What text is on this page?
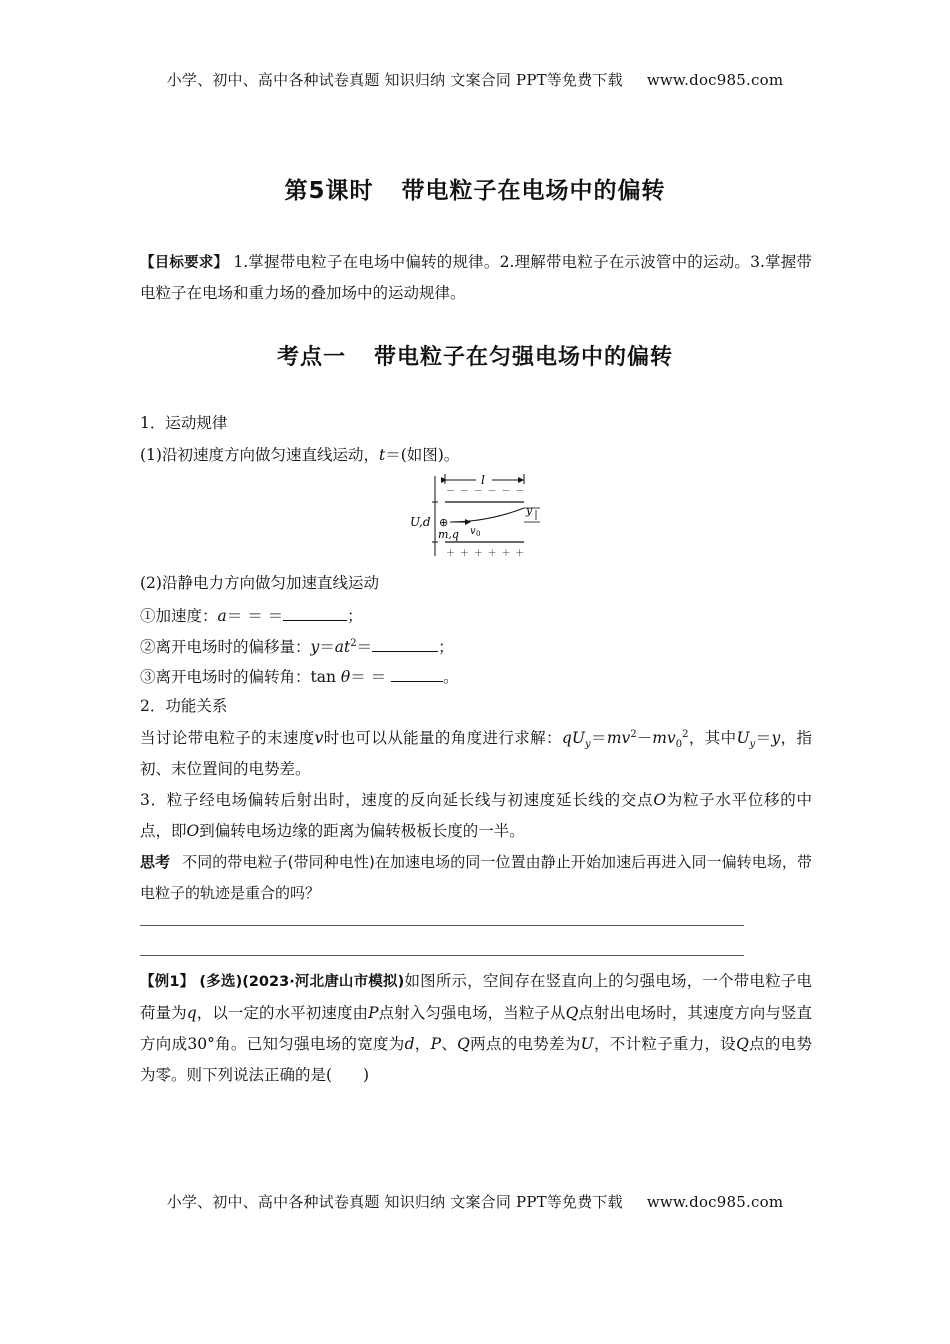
小学、初中、高中各种试卷真题 知识归纳 文案合同 PPT等免费下载 www.doc985.com
第5课时 带电粒子在电场中的偏转
【目标要求】 1.掌握带电粒子在电场中偏转的规律。2.理解带电粒子在示波管中的运动。3.掌握带电粒子在电场和重力场的叠加场中的运动规律。
考点一 带电粒子在匀强电场中的偏转
1．运动规律
(1)沿初速度方向做匀速直线运动，t＝(如图)。
l
－ － － － － －
U,d ⊕
y
m,q v 0
＋ ＋ ＋ ＋ ＋ ＋
(2)沿静电力方向做匀加速直线运动
①加速度：a＝ ＝ ＝	；
②离开电场时的偏移量：$y=at^2=$	；
③离开电场时的偏转角：tan θ＝ ＝	。
2．功能关系
当讨论带电粒子的末速度v时也可以从能量的角度进行求解：$qU_y=mv^2-mv_0^2$，其中$U_y=y$，指初、末位置间的电势差。
3．粒子经电场偏转后射出时，速度的反向延长线与初速度延长线的交点O为粒子水平位移的中点，即O到偏转电场边缘的距离为偏转极板长度的一半。
思考 不同的带电粒子(带同种电性)在加速电场的同一位置由静止开始加速后再进入同一偏转电场，带电粒子的轨迹是重合的吗？
【例1】 (多选)(2023·河北唐山市模拟)如图所示，空间存在竖直向上的匀强电场，一个带电粒子电荷量为q，以一定的水平初速度由P点射入匀强电场，当粒子从Q点射出电场时，其速度方向与竖直方向成30°角。已知匀强电场的宽度为d，P、Q两点的电势差为U，不计粒子重力，设Q点的电势为零。则下列说法正确的是(　　)
小学、初中、高中各种试卷真题 知识归纳 文案合同 PPT等免费下载 www.doc985.com
